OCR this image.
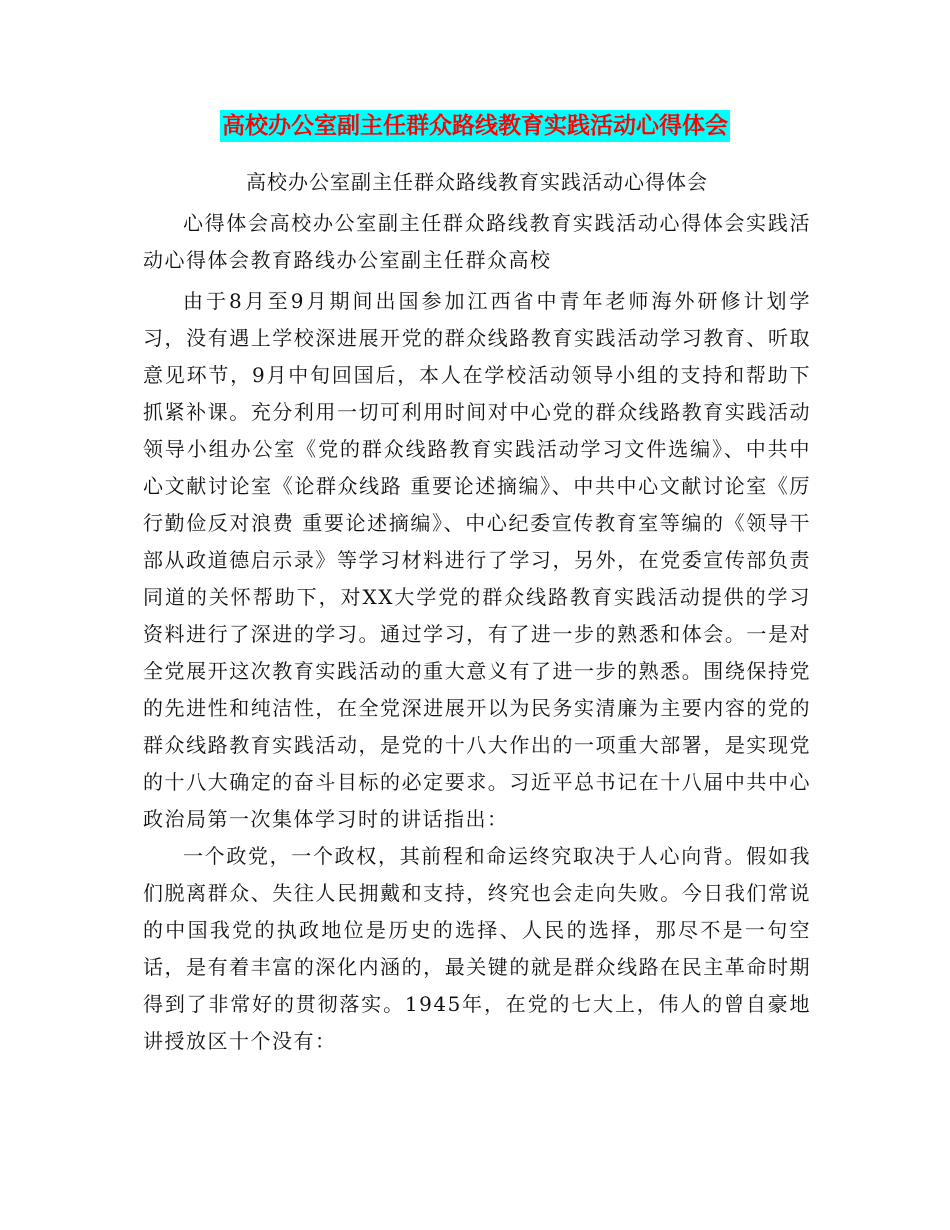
高校办公室副主任群众路线教育实践活动心得体会

高校办公室副主任群众路线教育实践活动心得体会

心得体会高校办公室副主任群众路线教育实践活动心得体会实践活动心得体会教育路线办公室副主任群众高校

由于8月至9月期间出国参加江西省中青年老师海外研修计划学习，没有遇上学校深进展开党的群众线路教育实践活动学习教育、听取意见环节，9月中旬回国后，本人在学校活动领导小组的支持和帮助下抓紧补课。充分利用一切可利用时间对中心党的群众线路教育实践活动领导小组办公室《党的群众线路教育实践活动学习文件选编》、中共中心文献讨论室《论群众线路 重要论述摘编》、中共中心文献讨论室《厉行勤俭反对浪费 重要论述摘编》、中心纪委宣传教育室等编的《领导干部从政道德启示录》等学习材料进行了学习，另外，在党委宣传部负责同道的关怀帮助下，对XX大学党的群众线路教育实践活动提供的学习资料进行了深进的学习。通过学习，有了进一步的熟悉和体会。一是对全党展开这次教育实践活动的重大意义有了进一步的熟悉。围绕保持党的先进性和纯洁性，在全党深进展开以为民务实清廉为主要内容的党的群众线路教育实践活动，是党的十八大作出的一项重大部署，是实现党的十八大确定的奋斗目标的必定要求。习近平总书记在十八届中共中心政治局第一次集体学习时的讲话指出：

一个政党，一个政权，其前程和命运终究取决于人心向背。假如我们脱离群众、失往人民拥戴和支持，终究也会走向失败。今日我们常说的中国我党的执政地位是历史的选择、人民的选择，那尽不是一句空话，是有着丰富的深化内涵的，最关键的就是群众线路在民主革命时期得到了非常好的贯彻落实。1945年，在党的七大上，伟人的曾自豪地讲授放区十个没有：
